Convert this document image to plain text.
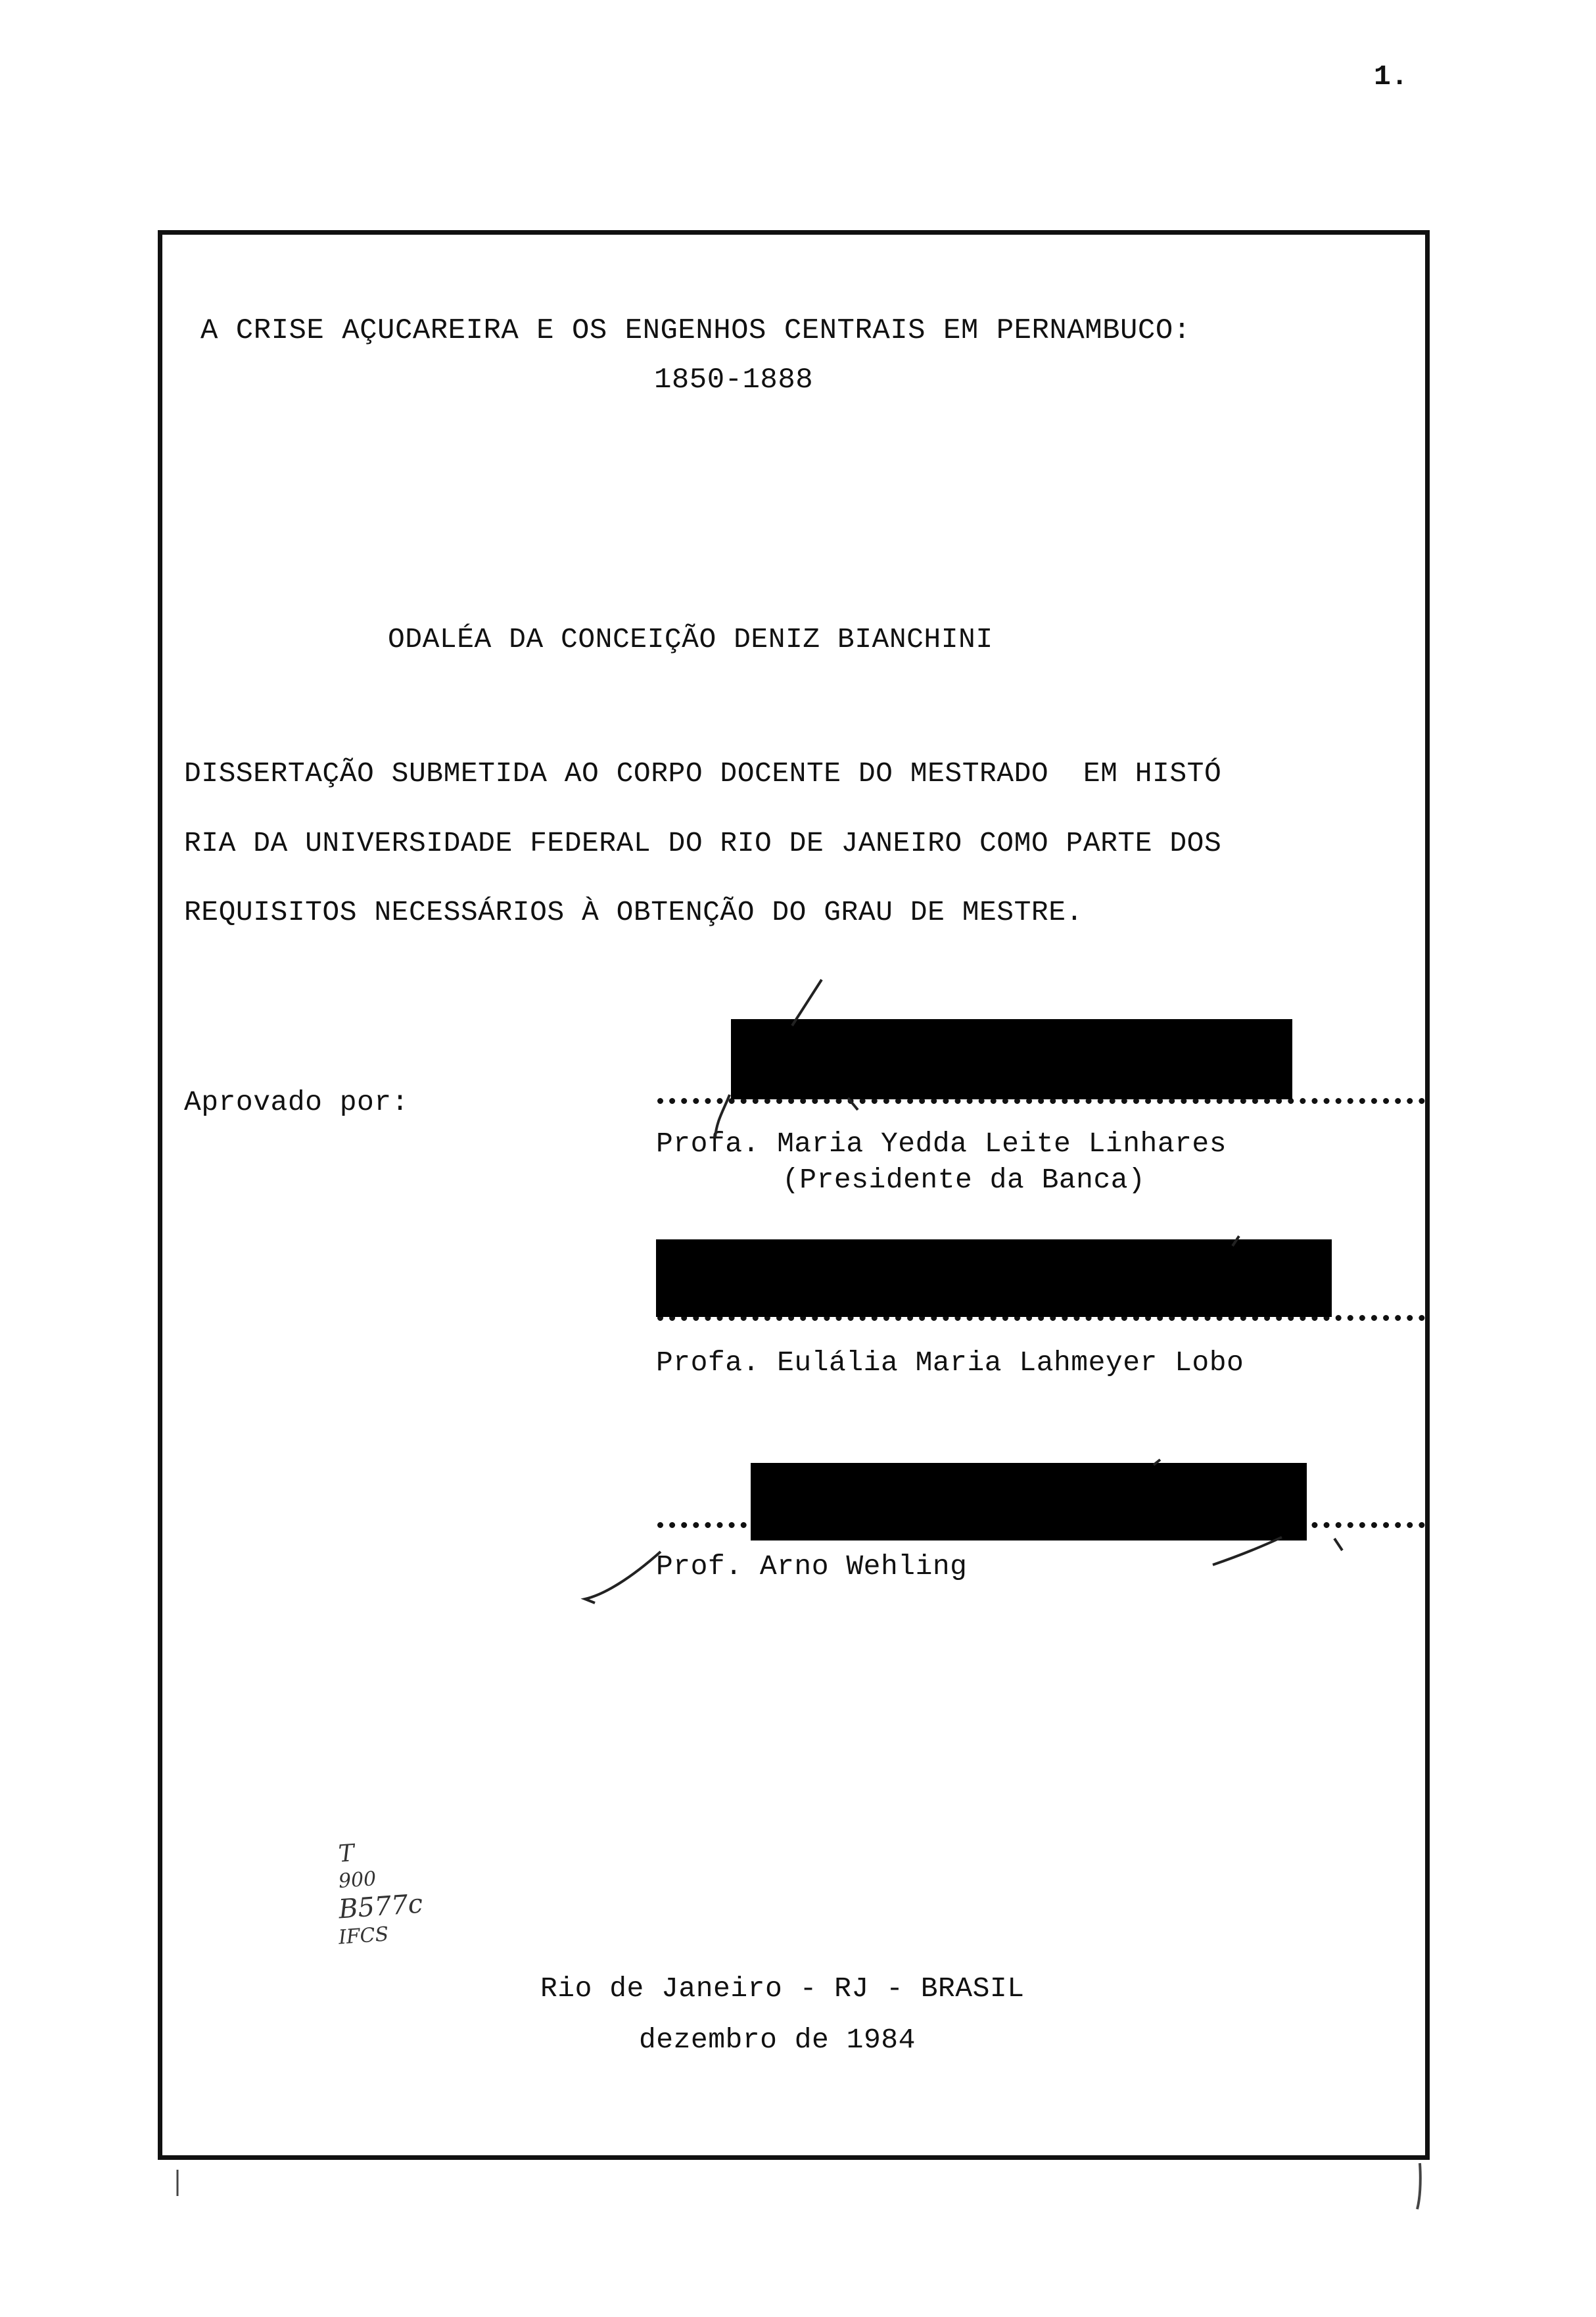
1.
A CRISE AÇUCAREIRA E OS ENGENHOS CENTRAIS EM PERNAMBUCO:
1850-1888
ODALÉA DA CONCEIÇÃO DENIZ BIANCHINI
DISSERTAÇÃO SUBMETIDA AO CORPO DOCENTE DO MESTRADO  EM HISTÓ
RIA DA UNIVERSIDADE FEDERAL DO RIO DE JANEIRO COMO PARTE DOS
REQUISITOS NECESSÁRIOS À OBTENÇÃO DO GRAU DE MESTRE.
Aprovado por:
Profa. Maria Yedda Leite Linhares
(Presidente da Banca)
Profa. Eulália Maria Lahmeyer Lobo
Prof. Arno Wehling
T
900
B577c
IFCS
Rio de Janeiro - RJ - BRASIL
dezembro de 1984
